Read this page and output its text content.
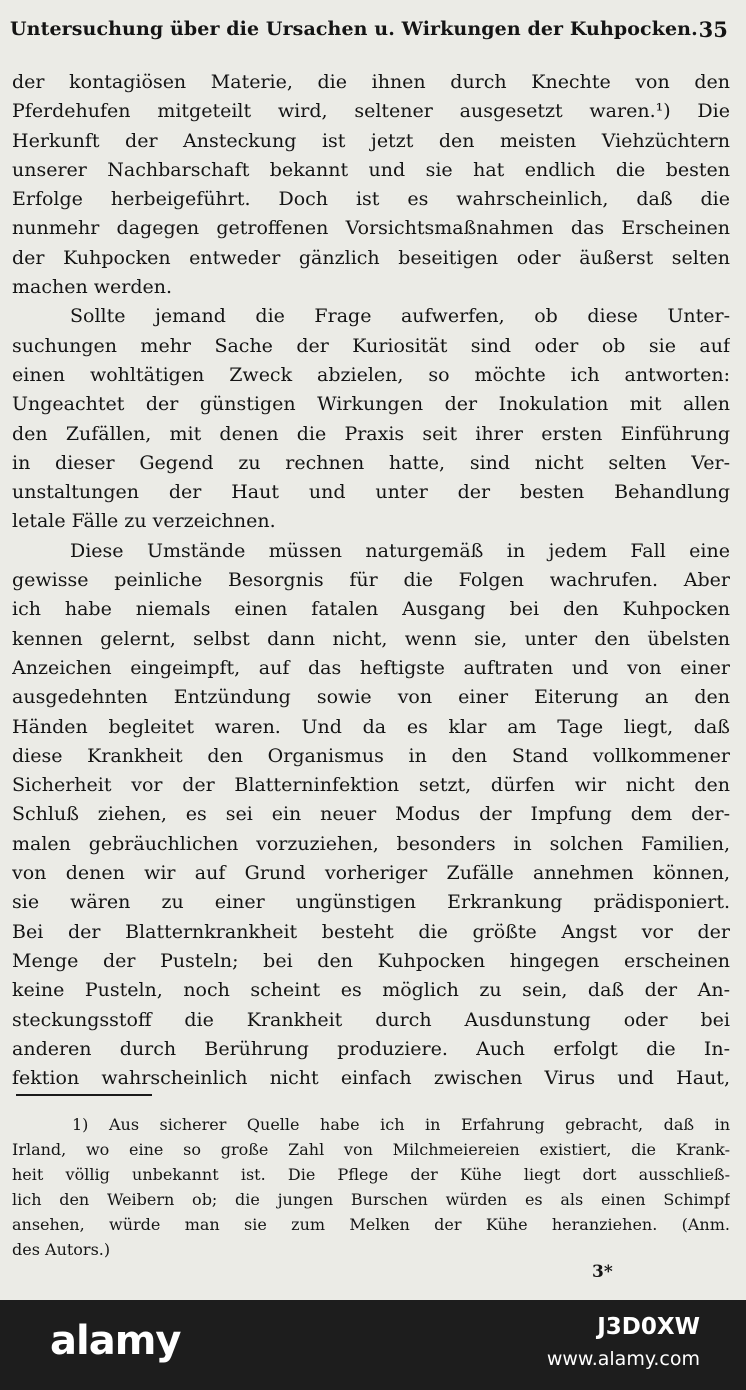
Untersuchung über die Ursachen u. Wirkungen der Kuhpocken. 35

der kontagiösen Materie, die ihnen durch Knechte von den
Pferdehufen mitgeteilt wird, seltener ausgesetzt waren.¹) Die
Herkunft der Ansteckung ist jetzt den meisten Viehzüchtern
unserer Nachbarschaft bekannt und sie hat endlich die besten
Erfolge herbeigeführt. Doch ist es wahrscheinlich, daß die
nunmehr dagegen getroffenen Vorsichtsmaßnahmen das Erscheinen
der Kuhpocken entweder gänzlich beseitigen oder äußerst selten
machen werden.

Sollte jemand die Frage aufwerfen, ob diese Unter-
suchungen mehr Sache der Kuriosität sind oder ob sie auf
einen wohltätigen Zweck abzielen, so möchte ich antworten:
Ungeachtet der günstigen Wirkungen der Inokulation mit allen
den Zufällen, mit denen die Praxis seit ihrer ersten Einführung
in dieser Gegend zu rechnen hatte, sind nicht selten Ver-
unstaltungen der Haut und unter der besten Behandlung
letale Fälle zu verzeichnen.

Diese Umstände müssen naturgemäß in jedem Fall eine
gewisse peinliche Besorgnis für die Folgen wachrufen. Aber
ich habe niemals einen fatalen Ausgang bei den Kuhpocken
kennen gelernt, selbst dann nicht, wenn sie, unter den übelsten
Anzeichen eingeimpft, auf das heftigste auftraten und von einer
ausgedehnten Entzündung sowie von einer Eiterung an den
Händen begleitet waren. Und da es klar am Tage liegt, daß
diese Krankheit den Organismus in den Stand vollkommener
Sicherheit vor der Blatterninfektion setzt, dürfen wir nicht den
Schluß ziehen, es sei ein neuer Modus der Impfung dem der-
malen gebräuchlichen vorzuziehen, besonders in solchen Familien,
von denen wir auf Grund vorheriger Zufälle annehmen können,
sie wären zu einer ungünstigen Erkrankung prädisponiert.
Bei der Blatternkrankheit besteht die größte Angst vor der
Menge der Pusteln; bei den Kuhpocken hingegen erscheinen
keine Pusteln, noch scheint es möglich zu sein, daß der An-
steckungsstoff die Krankheit durch Ausdunstung oder bei
anderen durch Berührung produziere. Auch erfolgt die In-
fektion wahrscheinlich nicht einfach zwischen Virus und Haut,

1) Aus sicherer Quelle habe ich in Erfahrung gebracht, daß in
Irland, wo eine so große Zahl von Milchmeiereien existiert, die Krank-
heit völlig unbekannt ist. Die Pflege der Kühe liegt dort ausschließ-
lich den Weibern ob; die jungen Burschen würden es als einen Schimpf
ansehen, würde man sie zum Melken der Kühe heranziehen. (Anm.
des Autors.)
3*
alamy	J3D0XW
www.alamy.com
